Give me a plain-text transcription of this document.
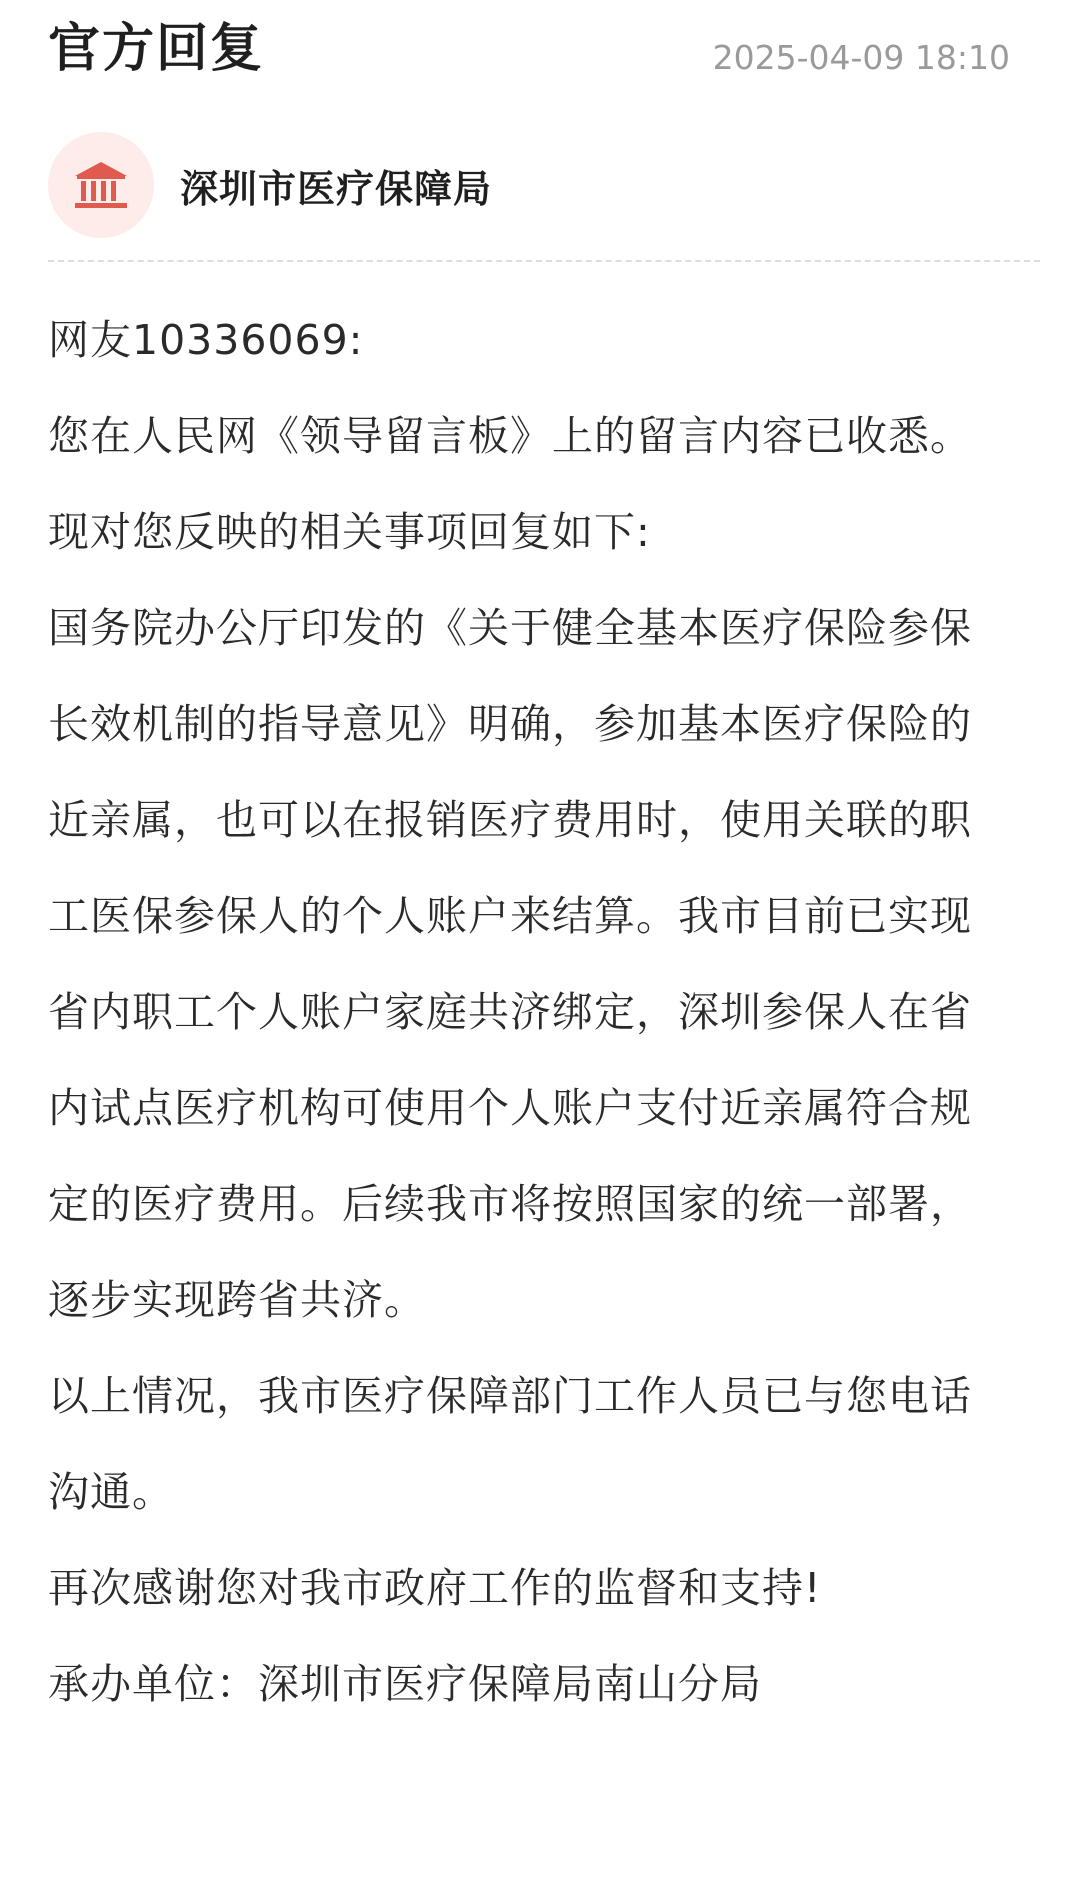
官方回复	2025-04-09 18:10
深圳市医疗保障局

网友10336069:

您在人民网《领导留言板》上的留言内容已收悉。现对您反映的相关事项回复如下:

国务院办公厅印发的《关于健全基本医疗保险参保长效机制的指导意见》明确，参加基本医疗保险的近亲属，也可以在报销医疗费用时，使用关联的职工医保参保人的个人账户来结算。我市目前已实现省内职工个人账户家庭共济绑定，深圳参保人在省内试点医疗机构可使用个人账户支付近亲属符合规定的医疗费用。后续我市将按照国家的统一部署，逐步实现跨省共济。

以上情况，我市医疗保障部门工作人员已与您电话沟通。

再次感谢您对我市政府工作的监督和支持!

承办单位：深圳市医疗保障局南山分局
